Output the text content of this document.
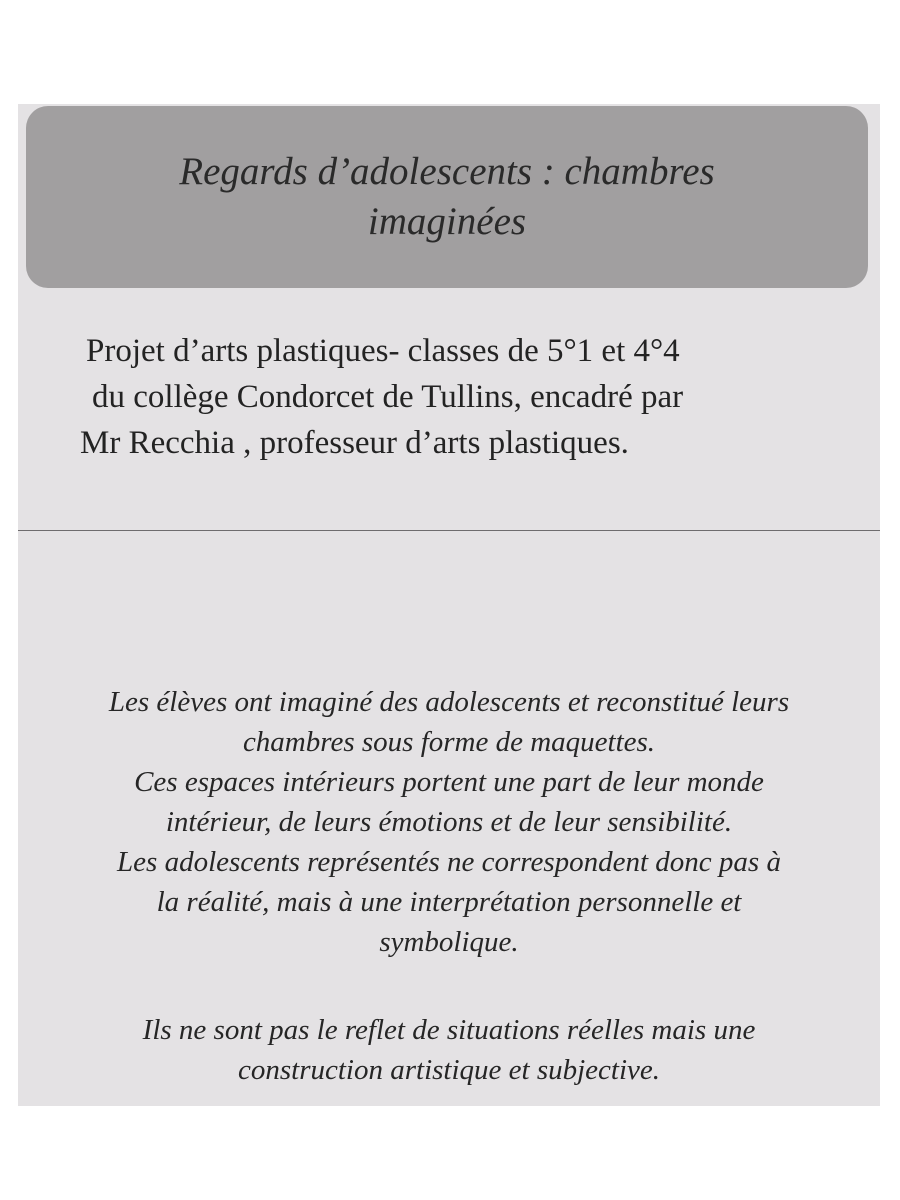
Regards d’adolescents : chambres
imaginées
Projet d’arts plastiques- classes de 5°1 et 4°4
du collège Condorcet de Tullins, encadré par
Mr Recchia , professeur d’arts plastiques.
Les élèves ont imaginé des adolescents et reconstitué leurs
chambres sous forme de maquettes.
Ces espaces intérieurs portent une part de leur monde
intérieur, de leurs émotions et de leur sensibilité.
Les adolescents représentés ne correspondent donc pas à
la réalité, mais à une interprétation personnelle et
symbolique.
Ils ne sont pas le reflet de situations réelles mais une
construction artistique et subjective.
